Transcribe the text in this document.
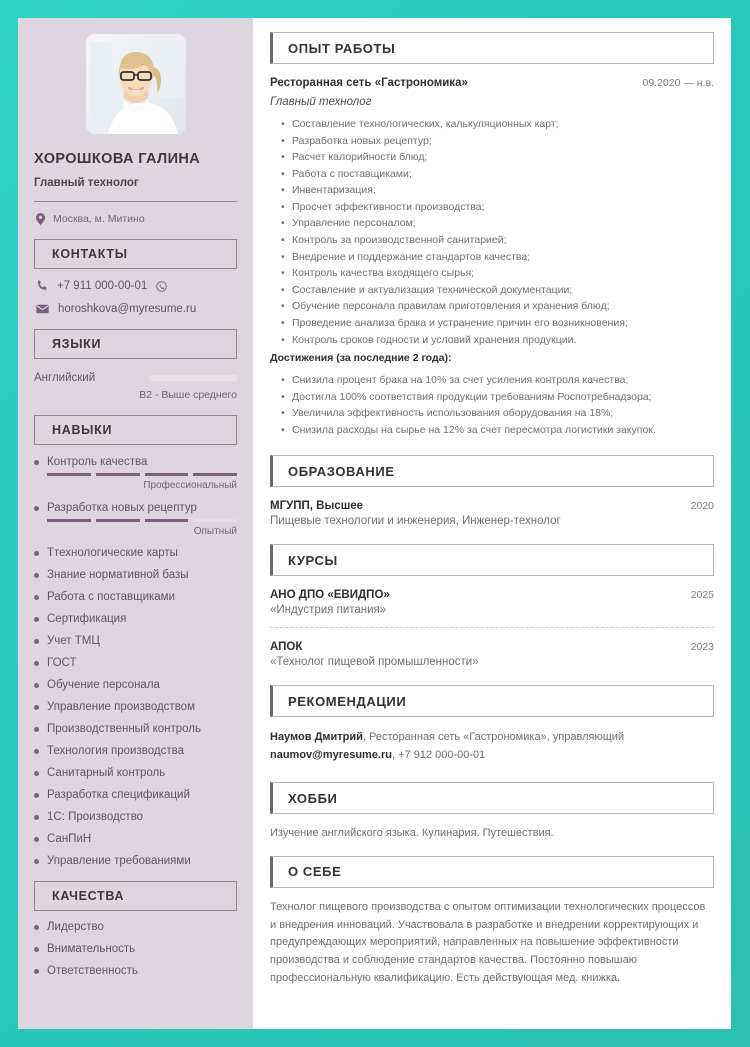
ХОРОШКОВА ГАЛИНА
Главный технолог
Москва, м. Митино
КОНТАКТЫ
+7 911 000-00-01
horoshkova@myresume.ru
ЯЗЫКИ
Английский
B2 - Выше среднего
НАВЫКИ
Контроль качества
Профессиональный
Разработка новых рецептур
Опытный
Ттехнологические карты
Знание нормативной базы
Работа с поставщиками
Сертификация
Учет ТМЦ
ГОСТ
Обучение персонала
Управление производством
Производственный контроль
Технология производства
Санитарный контроль
Разработка спецификаций
1С: Производство
СанПиН
Управление требованиями
КАЧЕСТВА
Лидерство
Внимательность
Ответственность
ОПЫТ РАБОТЫ
Ресторанная сеть «Гастрономика»	09.2020 — н.в.
Главный технолог
• Составление технологических, калькуляционных карт;
• Разработка новых рецептур;
• Расчет калорийности блюд;
• Работа с поставщиками;
• Инвентаризация;
• Просчет эффективности производства;
• Управление персоналом;
• Контроль за производственной санитарией;
• Внедрение и поддержание стандартов качества;
• Контроль качества входящего сырья;
• Составление и актуализация технической документации;
• Обучение персонала правилам приготовления и хранения блюд;
• Проведение анализа брака и устранение причин его возникновения;
• Контроль сроков годности и условий хранения продукции.
Достижения (за последние 2 года):
• Снизила процент брака на 10% за счет усиления контроля качества;
• Достигла 100% соответствия продукции требованиям Роспотребнадзора;
• Увеличила эффективность использования оборудования на 18%;
• Снизила расходы на сырье на 12% за счет пересмотра логистики закупок.
ОБРАЗОВАНИЕ
МГУПП, Высшее	2020
Пищевые технологии и инженерия, Инженер-технолог
КУРСЫ
АНО ДПО «ЕВИДПО»	2025
«Индустрия питания»
АПОК	2023
«Технолог пищевой промышленности»
РЕКОМЕНДАЦИИ
Наумов Дмитрий, Ресторанная сеть «Гастрономика», управляющий
naumov@myresume.ru, +7 912 000-00-01
ХОББИ
Изучение английского языка. Кулинария. Путешествия.
О СЕБЕ
Технолог пищевого производства с опытом оптимизации технологических процессов и внедрения инноваций. Участвовала в разработке и внедрении корректирующих и предупреждающих мероприятий, направленных на повышение эффективности производства и соблюдение стандартов качества. Постоянно повышаю профессиональную квалификацию. Есть действующая мед. книжка.
